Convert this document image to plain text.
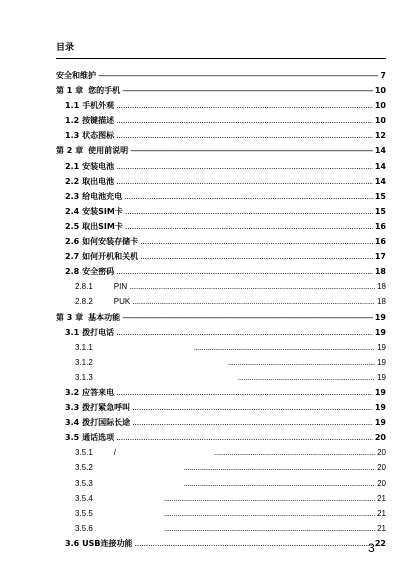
目录
安全和维护 -----	7
第 1 章 您的手机 -----	10
1.1 手机外观 .....	10
1.2 按键描述 .....	10
1.3 状态图标 .....	12
第 2 章 使用前说明 -----	14
2.1 安装电池 .....	14
2.2 取出电池 .....	14
2.3 给电池充电 .....	15
2.4 安装SIM卡 .....	15
2.5 取出SIM卡 .....	16
2.6 如何安装存储卡 .....	16
2.7 如何开机和关机 .....	17
2.8 安全密码 .....	18
2.8.1	PIN .....	18
2.8.2	PUK .....	18
第 3 章 基本功能 -----	19
3.1 拨打电话 .....	19
3.1.1 .....	19
3.1.2 .....	19
3.1.3 .....	19
3.2 应答来电 .....	19
3.3 拨打紧急呼叫 .....	19
3.4 拨打国际长途 .....	19
3.5 通话选项 .....	20
3.5.1	/ .....	20
3.5.2 .....	20
3.5.3 .....	20
3.5.4 .....	21
3.5.5 .....	21
3.5.6 .....	21
3.6 USB连接功能 .....	22
3
